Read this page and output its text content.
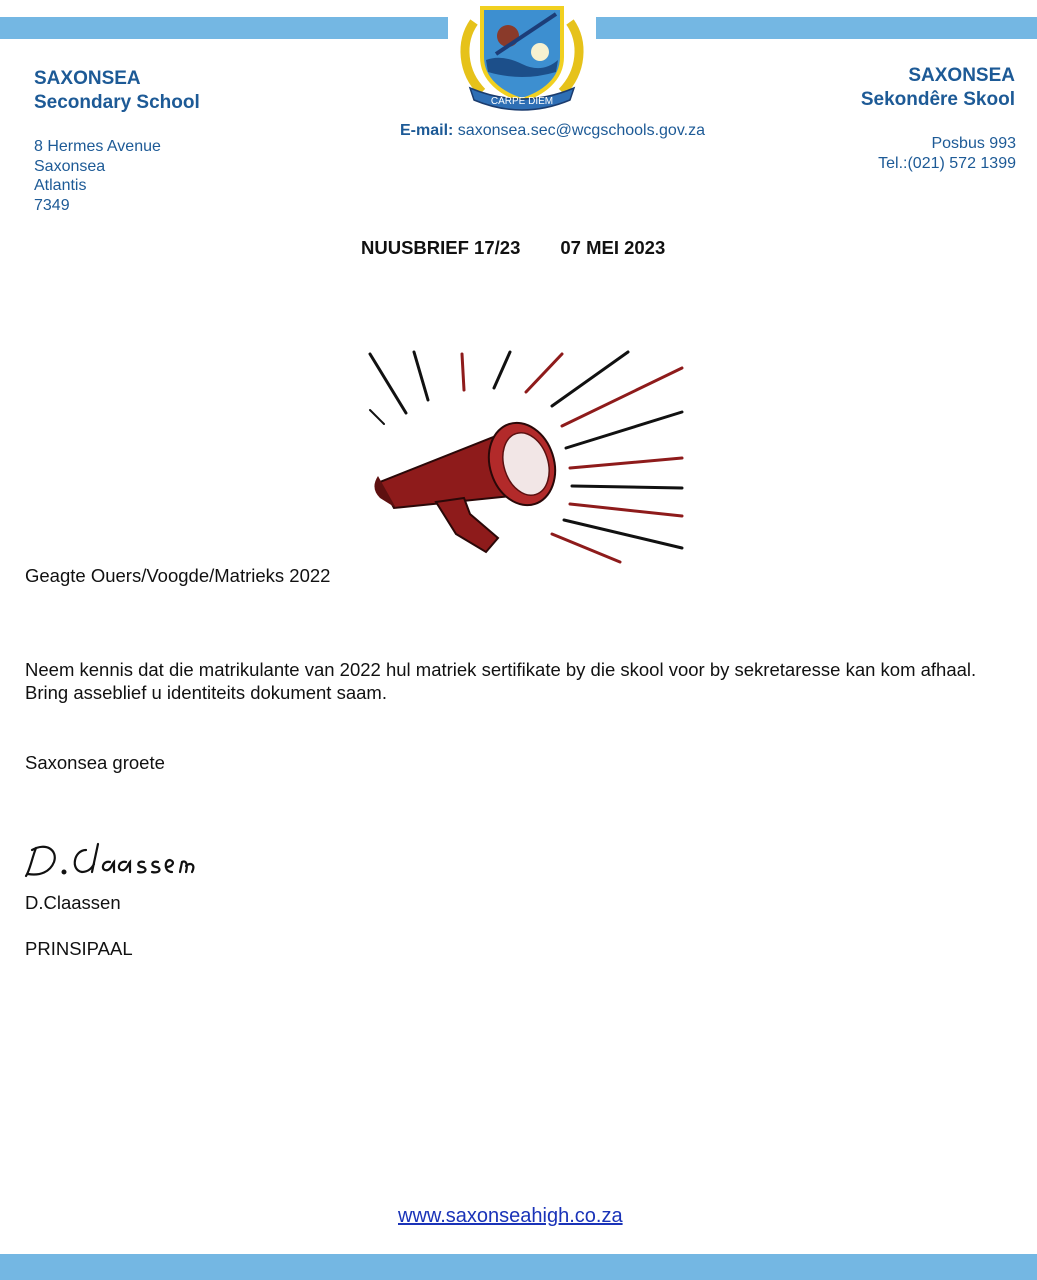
CARPE DIEM
SAXONSEA
Secondary School
SAXONSEA
Sekondêre Skool
E-mail: saxonsea.sec@wcgschools.gov.za
8 Hermes Avenue
Saxonsea
Atlantis
7349
Posbus 993
Tel.:(021) 572 1399
NUUSBRIEF 17/23 07 MEI 2023
Geagte Ouers/Voogde/Matrieks 2022
Neem kennis dat die matrikulante van 2022 hul matriek sertifikate by die skool voor by sekretaresse kan kom afhaal. Bring asseblief u identiteits dokument saam.
Saxonsea groete
D.Claassen
PRINSIPAAL
www.saxonseahigh.co.za
